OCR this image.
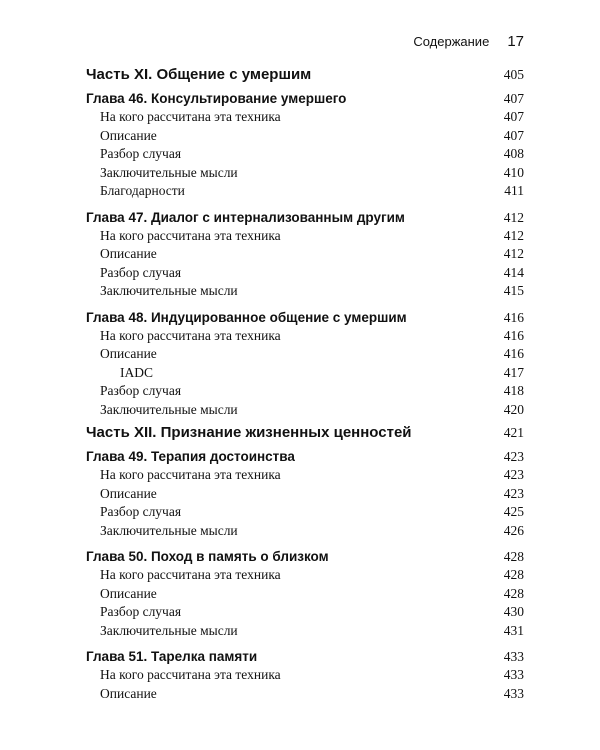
Содержание 17
Часть XI. Общение с умершим	405
Глава 46. Консультирование умершего	407
На кого рассчитана эта техника	407
Описание	407
Разбор случая	408
Заключительные мысли	410
Благодарности	411
Глава 47. Диалог с интернализованным другим	412
На кого рассчитана эта техника	412
Описание	412
Разбор случая	414
Заключительные мысли	415
Глава 48. Индуцированное общение с умершим	416
На кого рассчитана эта техника	416
Описание	416
IADC	417
Разбор случая	418
Заключительные мысли	420
Часть XII. Признание жизненных ценностей	421
Глава 49. Терапия достоинства	423
На кого рассчитана эта техника	423
Описание	423
Разбор случая	425
Заключительные мысли	426
Глава 50. Поход в память о близком	428
На кого рассчитана эта техника	428
Описание	428
Разбор случая	430
Заключительные мысли	431
Глава 51. Тарелка памяти	433
На кого рассчитана эта техника	433
Описание	433
